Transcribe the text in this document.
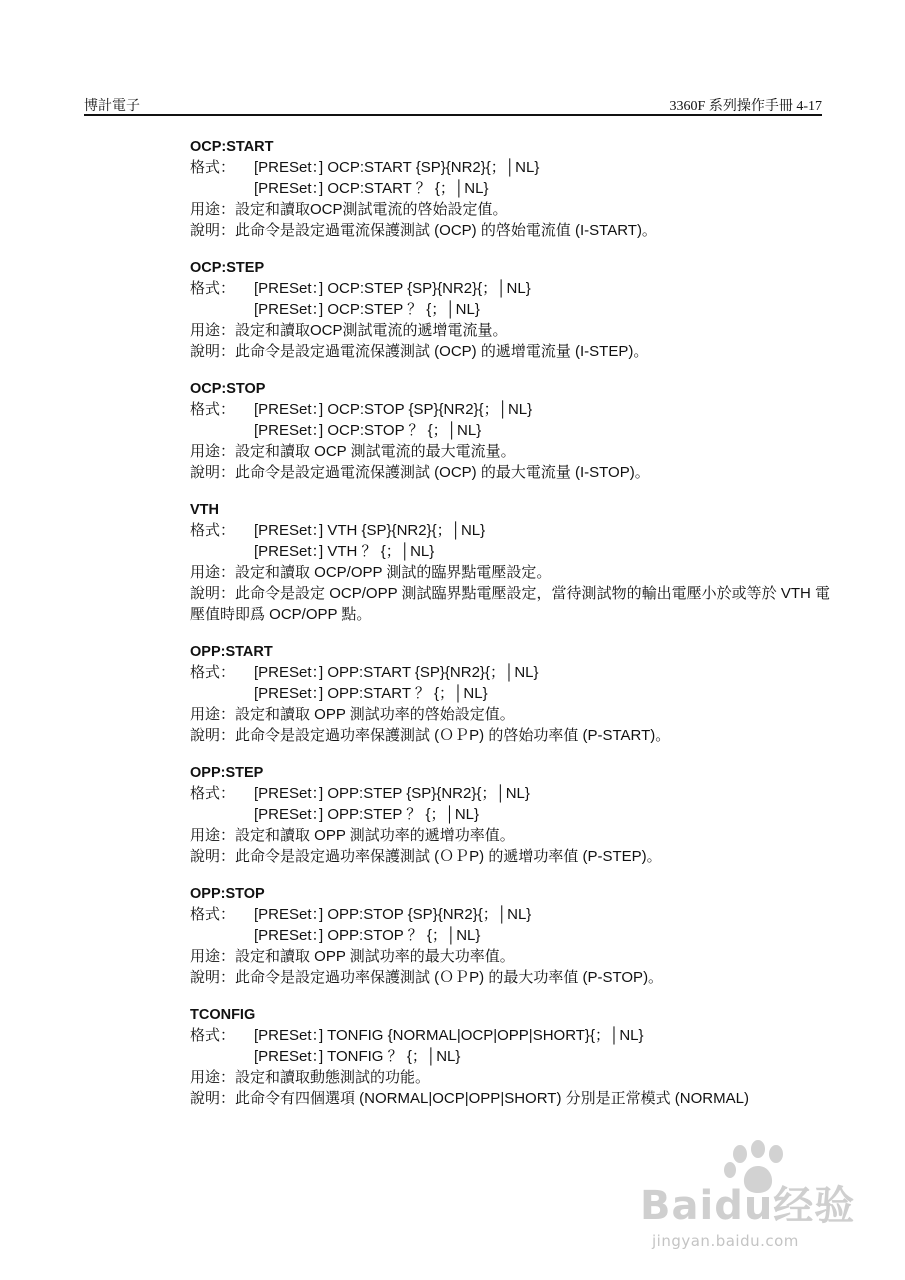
博計電子	3360F 系列操作手冊 4-17
OCP:START
格式： [PRESet：] OCP:START {SP}{NR2}{；│NL}
[PRESet：] OCP:START ？ {；│NL}
用途：設定和讀取OCP測試電流的啓始設定值。
說明：此命令是設定過電流保護測試 (OCP) 的啓始電流值 (I-START)。
OCP:STEP
格式： [PRESet：] OCP:STEP {SP}{NR2}{；│NL}
[PRESet：] OCP:STEP ？ {；│NL}
用途：設定和讀取OCP測試電流的遞增電流量。
說明：此命令是設定過電流保護測試 (OCP) 的遞增電流量 (I-STEP)。
OCP:STOP
格式： [PRESet：] OCP:STOP {SP}{NR2}{；│NL}
[PRESet：] OCP:STOP ？ {；│NL}
用途：設定和讀取 OCP 測試電流的最大電流量。
說明：此命令是設定過電流保護測試 (OCP) 的最大電流量 (I-STOP)。
VTH
格式： [PRESet：] VTH {SP}{NR2}{；│NL}
[PRESet：] VTH ？ {；│NL}
用途：設定和讀取 OCP/OPP 測試的臨界點電壓設定。
說明：此命令是設定 OCP/OPP 測試臨界點電壓設定，當待測試物的輸出電壓小於或等於 VTH 電壓值時即爲 OCP/OPP 點。
OPP:START
格式： [PRESet：] OPP:START {SP}{NR2}{；│NL}
[PRESet：] OPP:START ？ {；│NL}
用途：設定和讀取 OPP 測試功率的啓始設定值。
說明：此命令是設定過功率保護測試 (ＯＰP) 的啓始功率值 (P-START)。
OPP:STEP
格式： [PRESet：] OPP:STEP {SP}{NR2}{；│NL}
[PRESet：] OPP:STEP ？ {；│NL}
用途：設定和讀取 OPP 測試功率的遞增功率值。
說明：此命令是設定過功率保護測試 (ＯＰP) 的遞增功率值 (P-STEP)。
OPP:STOP
格式： [PRESet：] OPP:STOP {SP}{NR2}{；│NL}
[PRESet：] OPP:STOP ？ {；│NL}
用途：設定和讀取 OPP 測試功率的最大功率值。
說明：此命令是設定過功率保護測試 (ＯＰP) 的最大功率值 (P-STOP)。
TCONFIG
格式： [PRESet：] TONFIG {NORMAL|OCP|OPP|SHORT}{；│NL}
[PRESet：] TONFIG ？ {；│NL}
用途：設定和讀取動態測試的功能。
說明：此命令有四個選項 (NORMAL|OCP|OPP|SHORT) 分別是正常模式 (NORMAL)
Baidu经验
jingyan.baidu.com
